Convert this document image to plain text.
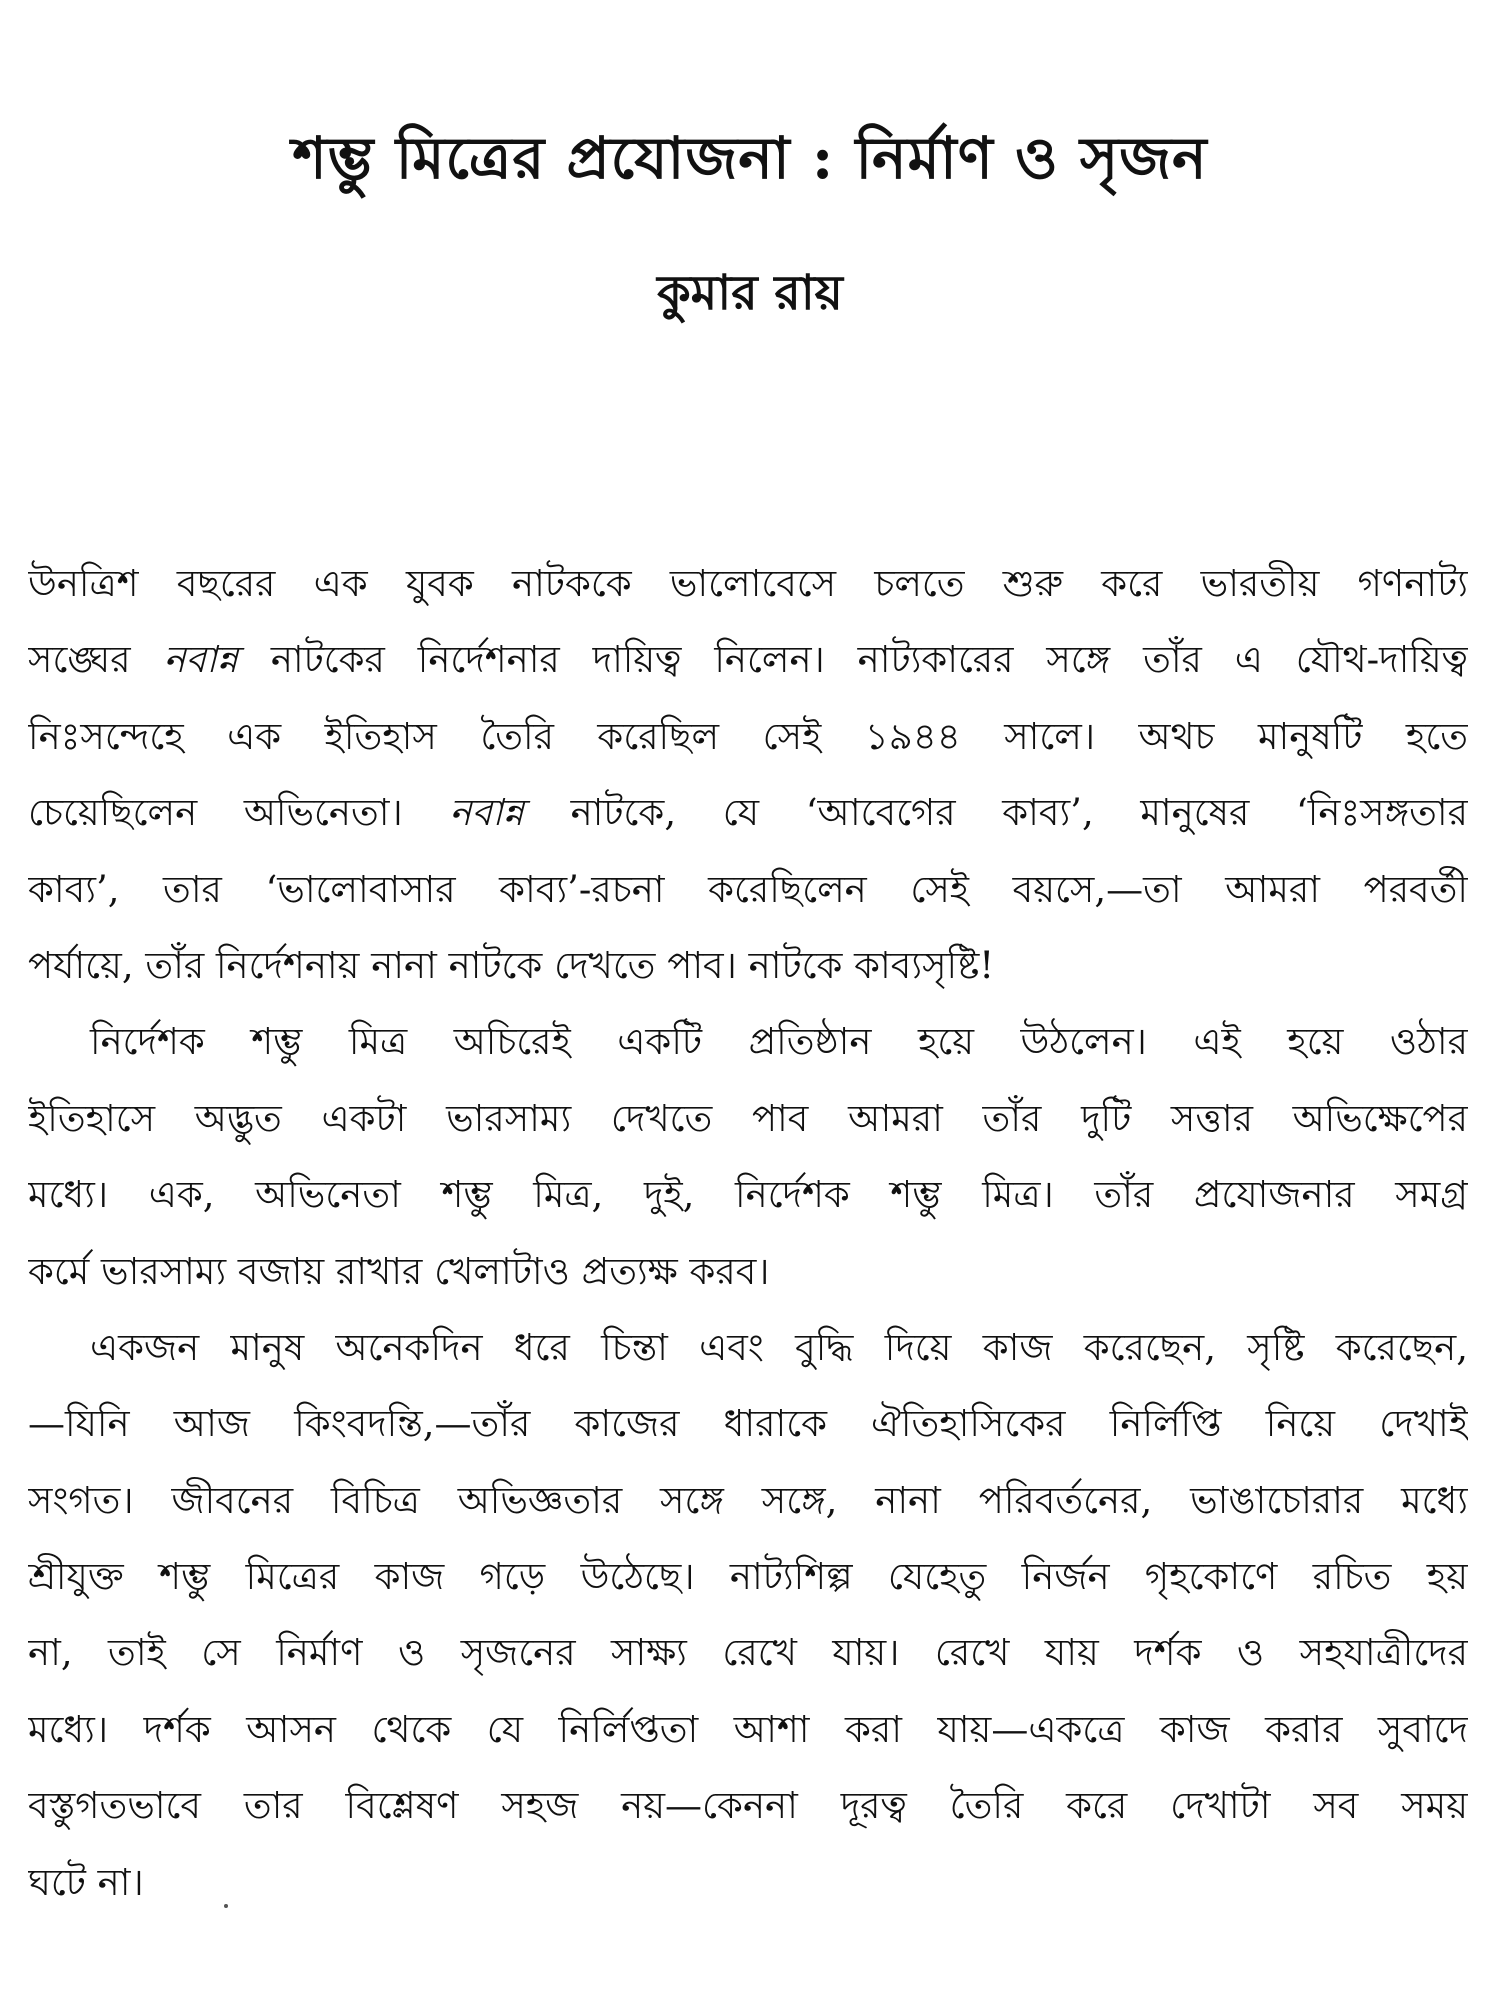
শম্ভু মিত্রের প্রযোজনা : নির্মাণ ও সৃজন
কুমার রায়
উনত্রিশ বছরের এক যুবক নাটককে ভালোবেসে চলতে শুরু করে ভারতীয় গণনাট্য
সঙ্ঘের নবান্ন নাটকের নির্দেশনার দায়িত্ব নিলেন। নাট্যকারের সঙ্গে তাঁর এ যৌথ-দায়িত্ব
নিঃসন্দেহে এক ইতিহাস তৈরি করেছিল সেই ১৯৪৪ সালে। অথচ মানুষটি হতে
চেয়েছিলেন অভিনেতা। নবান্ন নাটকে, যে ‘আবেগের কাব্য’, মানুষের ‘নিঃসঙ্গতার
কাব্য’, তার ‘ভালোবাসার কাব্য’-রচনা করেছিলেন সেই বয়সে,—তা আমরা পরবর্তী
পর্যায়ে, তাঁর নির্দেশনায় নানা নাটকে দেখতে পাব। নাটকে কাব্যসৃষ্টি!
নির্দেশক শম্ভু মিত্র অচিরেই একটি প্রতিষ্ঠান হয়ে উঠলেন। এই হয়ে ওঠার
ইতিহাসে অদ্ভুত একটা ভারসাম্য দেখতে পাব আমরা তাঁর দুটি সত্তার অভিক্ষেপের
মধ্যে। এক, অভিনেতা শম্ভু মিত্র, দুই, নির্দেশক শম্ভু মিত্র। তাঁর প্রযোজনার সমগ্র
কর্মে ভারসাম্য বজায় রাখার খেলাটাও প্রত্যক্ষ করব।
একজন মানুষ অনেকদিন ধরে চিন্তা এবং বুদ্ধি দিয়ে কাজ করেছেন, সৃষ্টি করেছেন,
—যিনি আজ কিংবদন্তি,—তাঁর কাজের ধারাকে ঐতিহাসিকের নির্লিপ্তি নিয়ে দেখাই
সংগত। জীবনের বিচিত্র অভিজ্ঞতার সঙ্গে সঙ্গে, নানা পরিবর্তনের, ভাঙাচোরার মধ্যে
শ্রীযুক্ত শম্ভু মিত্রের কাজ গড়ে উঠেছে। নাট্যশিল্প যেহেতু নির্জন গৃহকোণে রচিত হয়
না, তাই সে নির্মাণ ও সৃজনের সাক্ষ্য রেখে যায়। রেখে যায় দর্শক ও সহযাত্রীদের
মধ্যে। দর্শক আসন থেকে যে নির্লিপ্ততা আশা করা যায়—একত্রে কাজ করার সুবাদে
বস্তুগতভাবে তার বিশ্লেষণ সহজ নয়—কেননা দূরত্ব তৈরি করে দেখাটা সব সময়
ঘটে না।
